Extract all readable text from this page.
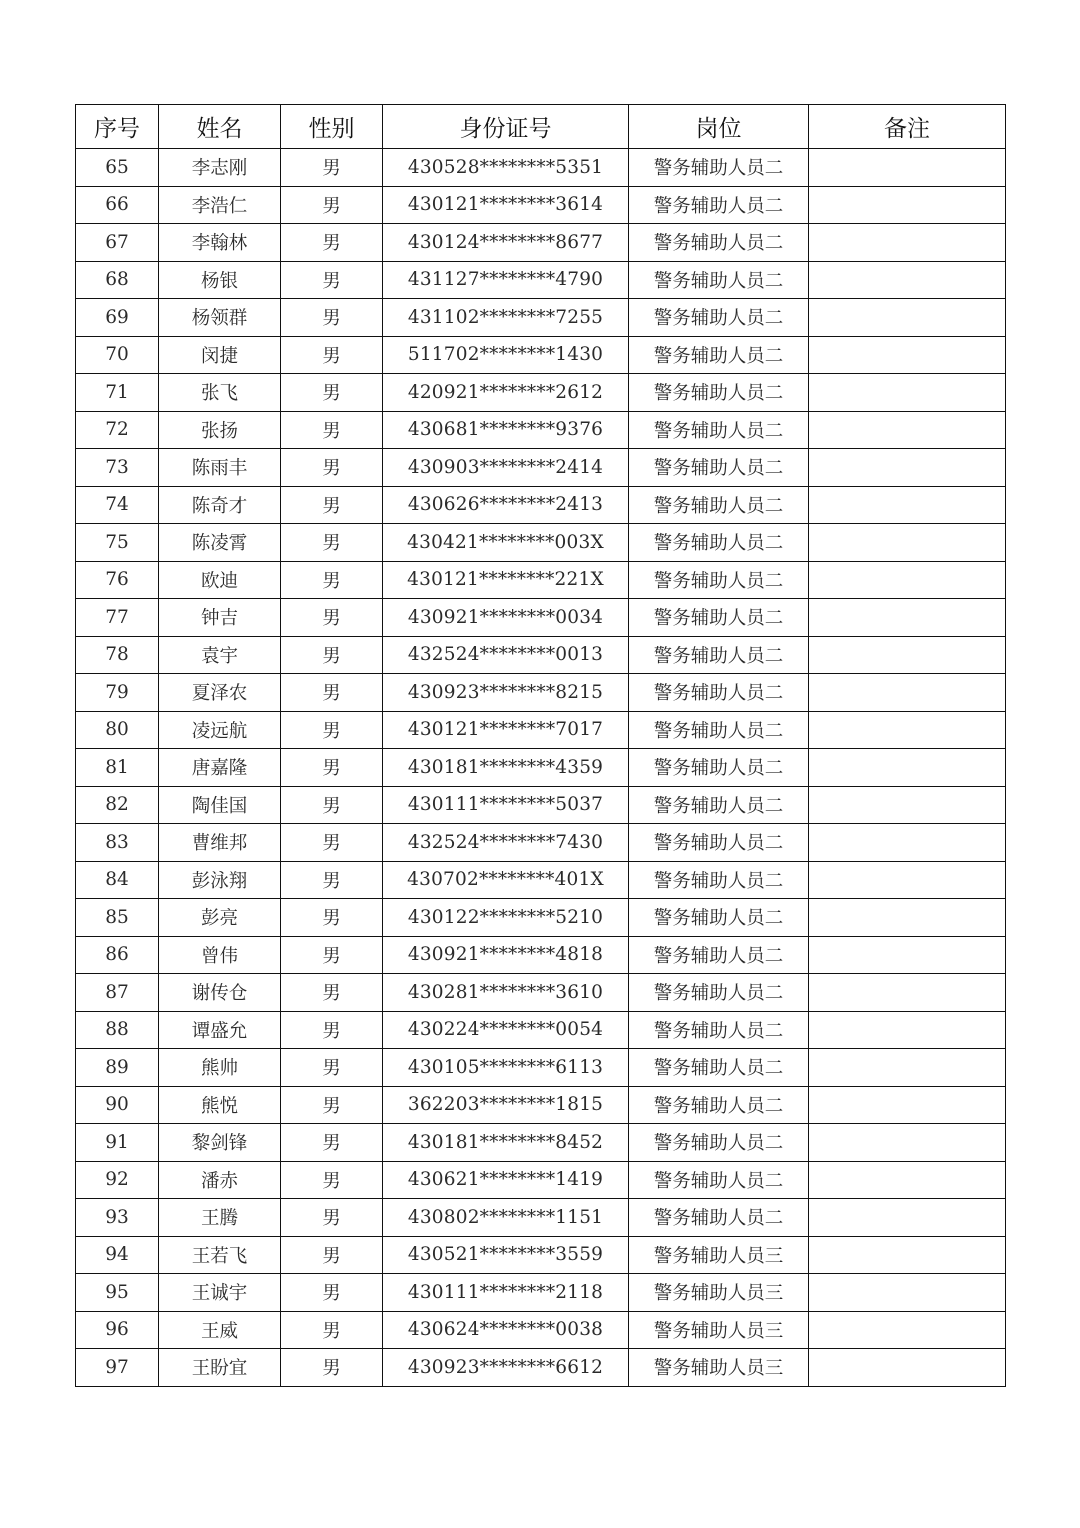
序号	姓名	性别	身份证号	岗位	备注
65	李志刚	男	430528********5351	警务辅助人员二	
66	李浩仁	男	430121********3614	警务辅助人员二	
67	李翰林	男	430124********8677	警务辅助人员二	
68	杨银	男	431127********4790	警务辅助人员二	
69	杨领群	男	431102********7255	警务辅助人员二	
70	闵捷	男	511702********1430	警务辅助人员二	
71	张飞	男	420921********2612	警务辅助人员二	
72	张扬	男	430681********9376	警务辅助人员二	
73	陈雨丰	男	430903********2414	警务辅助人员二	
74	陈奇才	男	430626********2413	警务辅助人员二	
75	陈凌霄	男	430421********003X	警务辅助人员二	
76	欧迪	男	430121********221X	警务辅助人员二	
77	钟吉	男	430921********0034	警务辅助人员二	
78	袁宇	男	432524********0013	警务辅助人员二	
79	夏泽农	男	430923********8215	警务辅助人员二	
80	凌远航	男	430121********7017	警务辅助人员二	
81	唐嘉隆	男	430181********4359	警务辅助人员二	
82	陶佳国	男	430111********5037	警务辅助人员二	
83	曹维邦	男	432524********7430	警务辅助人员二	
84	彭泳翔	男	430702********401X	警务辅助人员二	
85	彭亮	男	430122********5210	警务辅助人员二	
86	曾伟	男	430921********4818	警务辅助人员二	
87	谢传仓	男	430281********3610	警务辅助人员二	
88	谭盛允	男	430224********0054	警务辅助人员二	
89	熊帅	男	430105********6113	警务辅助人员二	
90	熊悦	男	362203********1815	警务辅助人员二	
91	黎剑锋	男	430181********8452	警务辅助人员二	
92	潘赤	男	430621********1419	警务辅助人员二	
93	王腾	男	430802********1151	警务辅助人员二	
94	王若飞	男	430521********3559	警务辅助人员三	
95	王诚宇	男	430111********2118	警务辅助人员三	
96	王威	男	430624********0038	警务辅助人员三	
97	王盼宜	男	430923********6612	警务辅助人员三	
